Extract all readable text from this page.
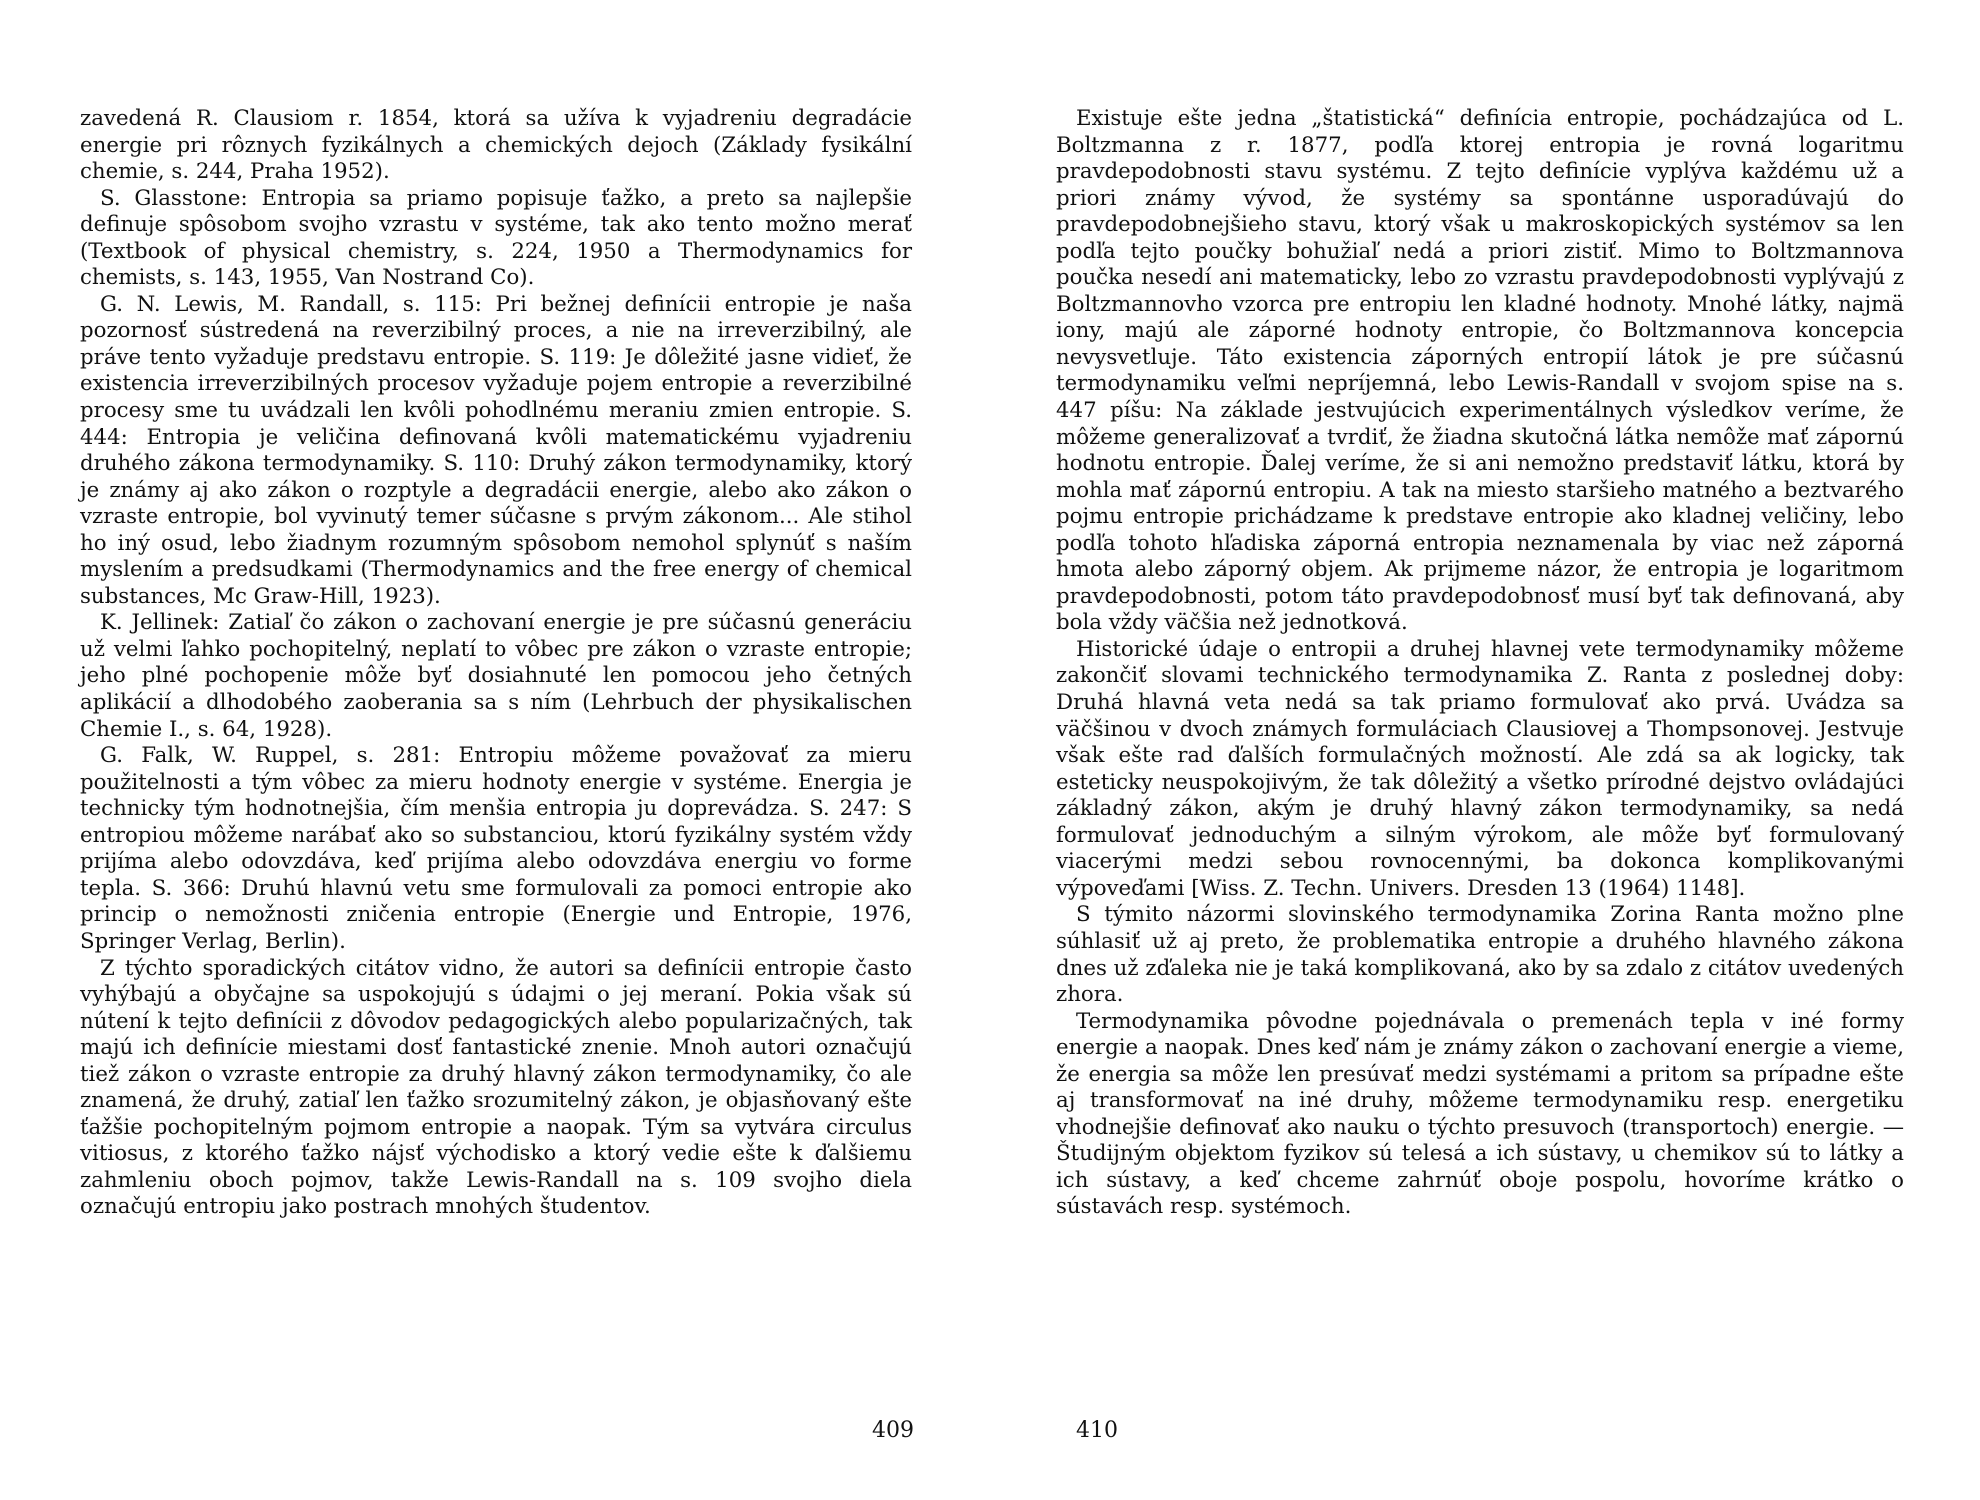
zavedená R. Clausiom r. 1854, ktorá sa užíva k vyjadreniu degradácie energie pri rôznych fyzikálnych a chemických dejoch (Základy fysikální chemie, s. 244, Praha 1952).

S. Glasstone: Entropia sa priamo popisuje ťažko, a preto sa najlepšie definuje spôsobom svojho vzrastu v systéme, tak ako tento možno merať (Textbook of physical chemistry, s. 224, 1950 a Thermodynamics for chemists, s. 143, 1955, Van Nostrand Co).

G. N. Lewis, M. Randall, s. 115: Pri bežnej definícii entropie je naša pozornosť sústredená na reverzibilný proces, a nie na irreverzibilný, ale práve tento vyžaduje predstavu entropie. S. 119: Je dôležité jasne vidieť, že existencia irreverzibilných procesov vyžaduje pojem entropie a reverzibilné procesy sme tu uvádzali len kvôli pohodlnému meraniu zmien entropie. S. 444: Entropia je veličina definovaná kvôli matematickému vyjadreniu druhého zákona termodynamiky. S. 110: Druhý zákon termodynamiky, ktorý je známy aj ako zákon o rozptyle a degradácii energie, alebo ako zákon o vzraste entropie, bol vyvinutý temer súčasne s prvým zákonom... Ale stihol ho iný osud, lebo žiadnym rozumným spôsobom nemohol splynúť s naším myslením a predsudkami (Thermodynamics and the free energy of chemical substances, Mc Graw-Hill, 1923).

K. Jellinek: Zatiaľ čo zákon o zachovaní energie je pre súčasnú generáciu už velmi ľahko pochopitelný, neplatí to vôbec pre zákon o vzraste entropie; jeho plné pochopenie môže byť dosiahnuté len pomocou jeho četných aplikácií a dlhodobého zaoberania sa s ním (Lehrbuch der physikalischen Chemie I., s. 64, 1928).

G. Falk, W. Ruppel, s. 281: Entropiu môžeme považovať za mieru použitelnosti a tým vôbec za mieru hodnoty energie v systéme. Energia je technicky tým hodnotnejšia, čím menšia entropia ju doprevádza. S. 247: S entropiou môžeme narábať ako so substanciou, ktorú fyzikálny systém vždy prijíma alebo odovzdáva, keď prijíma alebo odovzdáva energiu vo forme tepla. S. 366: Druhú hlavnú vetu sme formulovali za pomoci entropie ako princip o nemožnosti zničenia entropie (Energie und Entropie, 1976, Springer Verlag, Berlin).

Z týchto sporadických citátov vidno, že autori sa definícii entropie často vyhýbajú a obyčajne sa uspokojujú s údajmi o jej meraní. Pokia však sú nútení k tejto definícii z dôvodov pedagogických alebo popularizačných, tak majú ich definície miestami dosť fantastické znenie. Mnoh autori označujú tiež zákon o vzraste entropie za druhý hlavný zákon termodynamiky, čo ale znamená, že druhý, zatiaľ len ťažko srozumitelný zákon, je objasňovaný ešte ťažšie pochopitelným pojmom entropie a naopak. Tým sa vytvára circulus vitiosus, z ktorého ťažko nájsť východisko a ktorý vedie ešte k ďalšiemu zahmleniu oboch pojmov, takže Lewis-Randall na s. 109 svojho diela označujú entropiu jako postrach mnohých študentov.

409

Existuje ešte jedna „štatistická“ definícia entropie, pochádzajúca od L. Boltzmanna z r. 1877, podľa ktorej entropia je rovná logaritmu pravdepodobnosti stavu systému. Z tejto definície vyplýva každému už a priori známy vývod, že systémy sa spontánne usporadúvajú do pravdepodobnejšieho stavu, ktorý však u makroskopických systémov sa len podľa tejto poučky bohužiaľ nedá a priori zistiť. Mimo to Boltzmannova poučka nesedí ani matematicky, lebo zo vzrastu pravdepodobnosti vyplývajú z Boltzmannovho vzorca pre entropiu len kladné hodnoty. Mnohé látky, najmä iony, majú ale záporné hodnoty entropie, čo Boltzmannova koncepcia nevysvetluje. Táto existencia záporných entropií látok je pre súčasnú termodynamiku veľmi nepríjemná, lebo Lewis-Randall v svojom spise na s. 447 píšu: Na základe jestvujúcich experimentálnych výsledkov veríme, že môžeme generalizovať a tvrdiť, že žiadna skutočná látka nemôže mať zápornú hodnotu entropie. Ďalej veríme, že si ani nemožno predstaviť látku, ktorá by mohla mať zápornú entropiu. A tak na miesto staršieho matného a beztvarého pojmu entropie prichádzame k predstave entropie ako kladnej veličiny, lebo podľa tohoto hľadiska záporná entropia neznamenala by viac než záporná hmota alebo záporný objem. Ak prijmeme názor, že entropia je logaritmom pravdepodobnosti, potom táto pravdepodobnosť musí byť tak definovaná, aby bola vždy väčšia než jednotková.

Historické údaje o entropii a druhej hlavnej vete termodynamiky môžeme zakončiť slovami technického termodynamika Z. Ranta z poslednej doby: Druhá hlavná veta nedá sa tak priamo formulovať ako prvá. Uvádza sa väčšinou v dvoch známych formuláciach Clausiovej a Thompsonovej. Jestvuje však ešte rad ďalších formulačných možností. Ale zdá sa ak logicky, tak esteticky neuspokojivým, že tak dôležitý a všetko prírodné dejstvo ovládajúci základný zákon, akým je druhý hlavný zákon termodynamiky, sa nedá formulovať jednoduchým a silným výrokom, ale môže byť formulovaný viacerými medzi sebou rovnocennými, ba dokonca komplikovanými výpoveďami [Wiss. Z. Techn. Univers. Dresden 13 (1964) 1148].

S týmito názormi slovinského termodynamika Zorina Ranta možno plne súhlasiť už aj preto, že problematika entropie a druhého hlavného zákona dnes už zďaleka nie je taká komplikovaná, ako by sa zdalo z citátov uvedených zhora.

Termodynamika pôvodne pojednávala o premenách tepla v iné formy energie a naopak. Dnes keď nám je známy zákon o zachovaní energie a vieme, že energia sa môže len presúvať medzi systémami a pritom sa prípadne ešte aj transformovať na iné druhy, môžeme termodynamiku resp. energetiku vhodnejšie definovať ako nauku o týchto presuvoch (transportoch) energie. — Študijným objektom fyzikov sú telesá a ich sústavy, u chemikov sú to látky a ich sústavy, a keď chceme zahrnúť oboje pospolu, hovoríme krátko o sústavách resp. systémoch.

410
